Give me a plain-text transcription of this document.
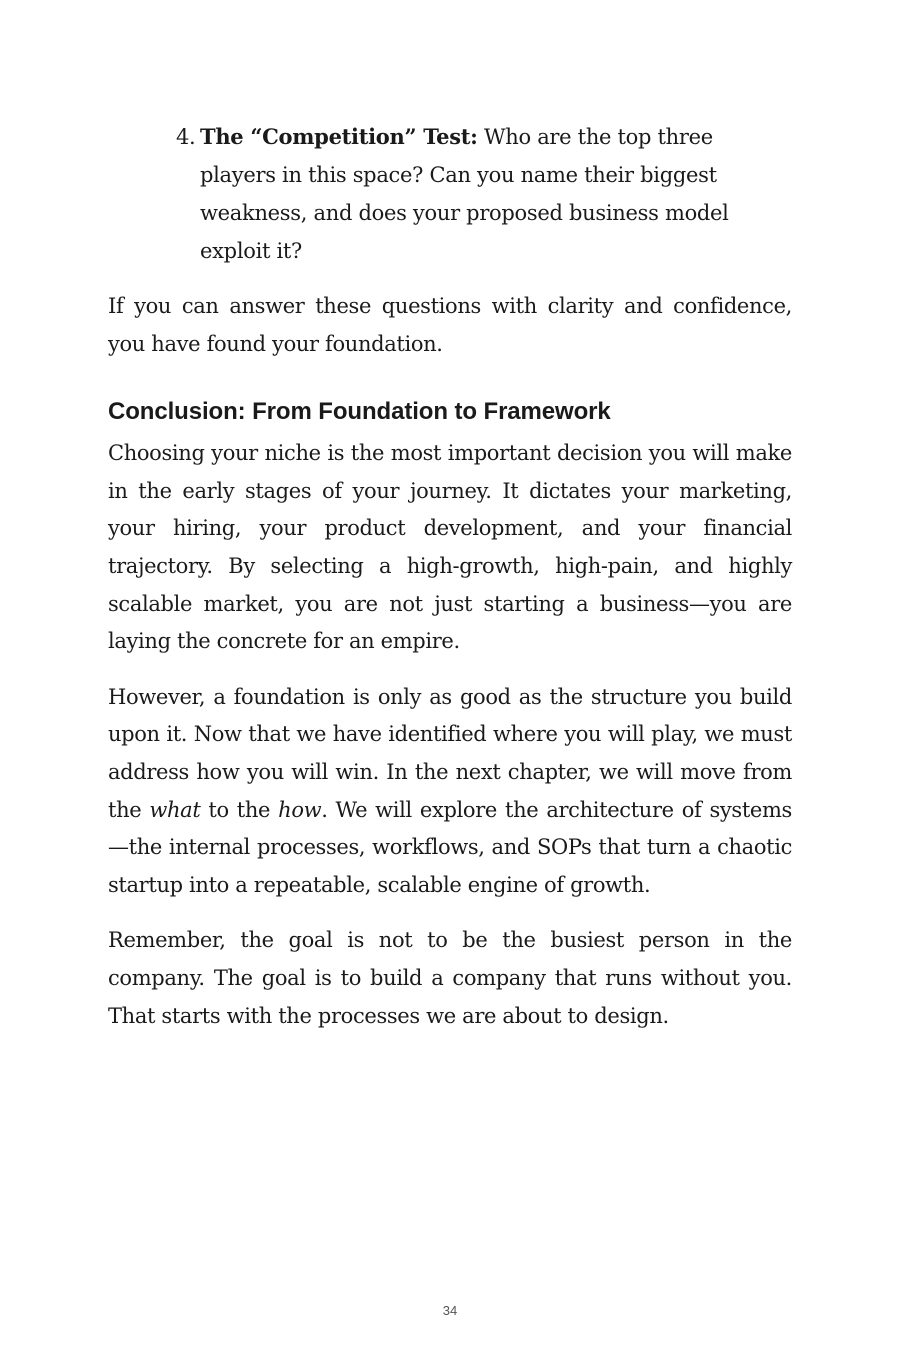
4. The “Competition” Test: Who are the top three players in this space? Can you name their biggest weakness, and does your proposed business model exploit it?

If you can answer these questions with clarity and confidence, you have found your foundation.

Conclusion: From Foundation to Framework

Choosing your niche is the most important decision you will make in the early stages of your journey. It dictates your marketing, your hiring, your product development, and your financial trajectory. By selecting a high-growth, high-pain, and highly scalable market, you are not just starting a business—you are laying the concrete for an empire.

However, a foundation is only as good as the structure you build upon it. Now that we have identified where you will play, we must address how you will win. In the next chapter, we will move from the what to the how. We will explore the architecture of systems—the internal processes, workflows, and SOPs that turn a chaotic startup into a repeatable, scalable engine of growth.

Remember, the goal is not to be the busiest person in the company. The goal is to build a company that runs without you. That starts with the processes we are about to design.

34
